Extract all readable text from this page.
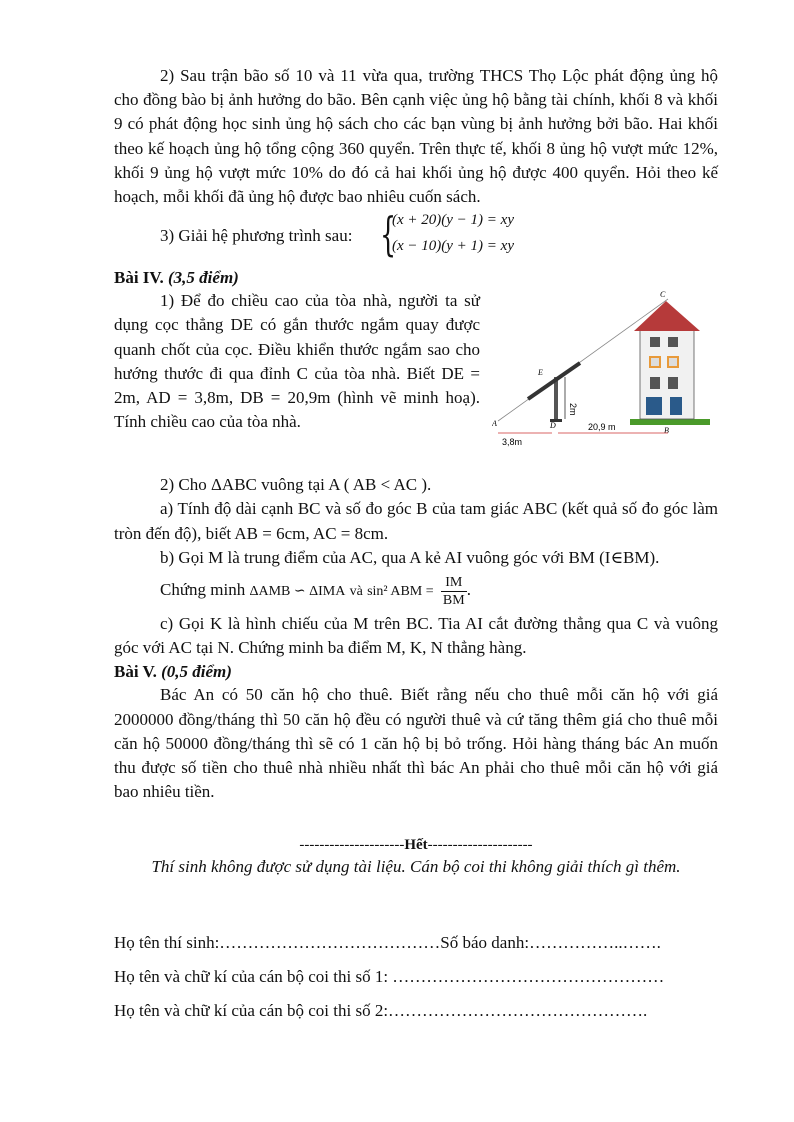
2) Sau trận bão số 10 và 11 vừa qua, trường THCS Thọ Lộc phát động ủng hộ cho đồng bào bị ảnh hưởng do bão. Bên cạnh việc ủng hộ bằng tài chính, khối 8 và khối 9 có phát động học sinh ủng hộ sách cho các bạn vùng bị ảnh hưởng bởi bão. Hai khối theo kế hoạch ủng hộ tổng cộng 360 quyển. Trên thực tế, khối 8 ủng hộ vượt mức 12%, khối 9 ủng hộ vượt mức 10% do đó cả hai khối ủng hộ được 400 quyển. Hỏi theo kế hoạch, mỗi khối đã ủng hộ được bao nhiêu cuốn sách.

3) Giải hệ phương trình sau: {
(x + 20)(y − 1) = xy
(x − 10)(y + 1) = xy

Bài IV. (3,5 điểm)

1) Để đo chiều cao của tòa nhà, người ta sử dụng cọc thẳng DE có gắn thước ngắm quay được quanh chốt của cọc. Điều khiển thước ngắm sao cho hướng thước đi qua đỉnh C của tòa nhà. Biết DE = 2m, AD = 3,8m, DB = 20,9m (hình vẽ minh hoạ). Tính chiều cao của tòa nhà.

2m
C
E
A	D
B
3,8m
20,9 m

2) Cho ΔABC vuông tại A ( AB < AC ).

a) Tính độ dài cạnh BC và số đo góc B của tam giác ABC (kết quả số đo góc làm tròn đến độ), biết AB = 6cm, AC = 8cm.

b) Gọi M là trung điểm của AC, qua A kẻ AI vuông góc với BM (I∈BM).

Chứng minh ΔAMB ∽ ΔIMA và sin² ABM = $\frac{IM}{BM}$ .

c) Gọi K là hình chiếu của M trên BC. Tia AI cắt đường thẳng qua C và vuông góc với AC tại N. Chứng minh ba điểm M, K, N thẳng hàng.

Bài V. (0,5 điểm)

Bác An có 50 căn hộ cho thuê. Biết rằng nếu cho thuê mỗi căn hộ với giá 2000000 đồng/tháng thì 50 căn hộ đều có người thuê và cứ tăng thêm giá cho thuê mỗi căn hộ 50000 đồng/tháng thì sẽ có 1 căn hộ bị bỏ trống. Hỏi hàng tháng bác An muốn thu được số tiền cho thuê nhà nhiều nhất thì bác An phải cho thuê mỗi căn hộ với giá bao nhiêu tiền.

---------------------Hết---------------------

Thí sinh không được sử dụng tài liệu. Cán bộ coi thi không giải thích gì thêm.

Họ tên thí sinh:…………………………………Số báo danh:……………..…….

Họ tên và chữ kí của cán bộ coi thi số 1: …………………………………………

Họ tên và chữ kí của cán bộ coi thi số 2:……………………………………….
